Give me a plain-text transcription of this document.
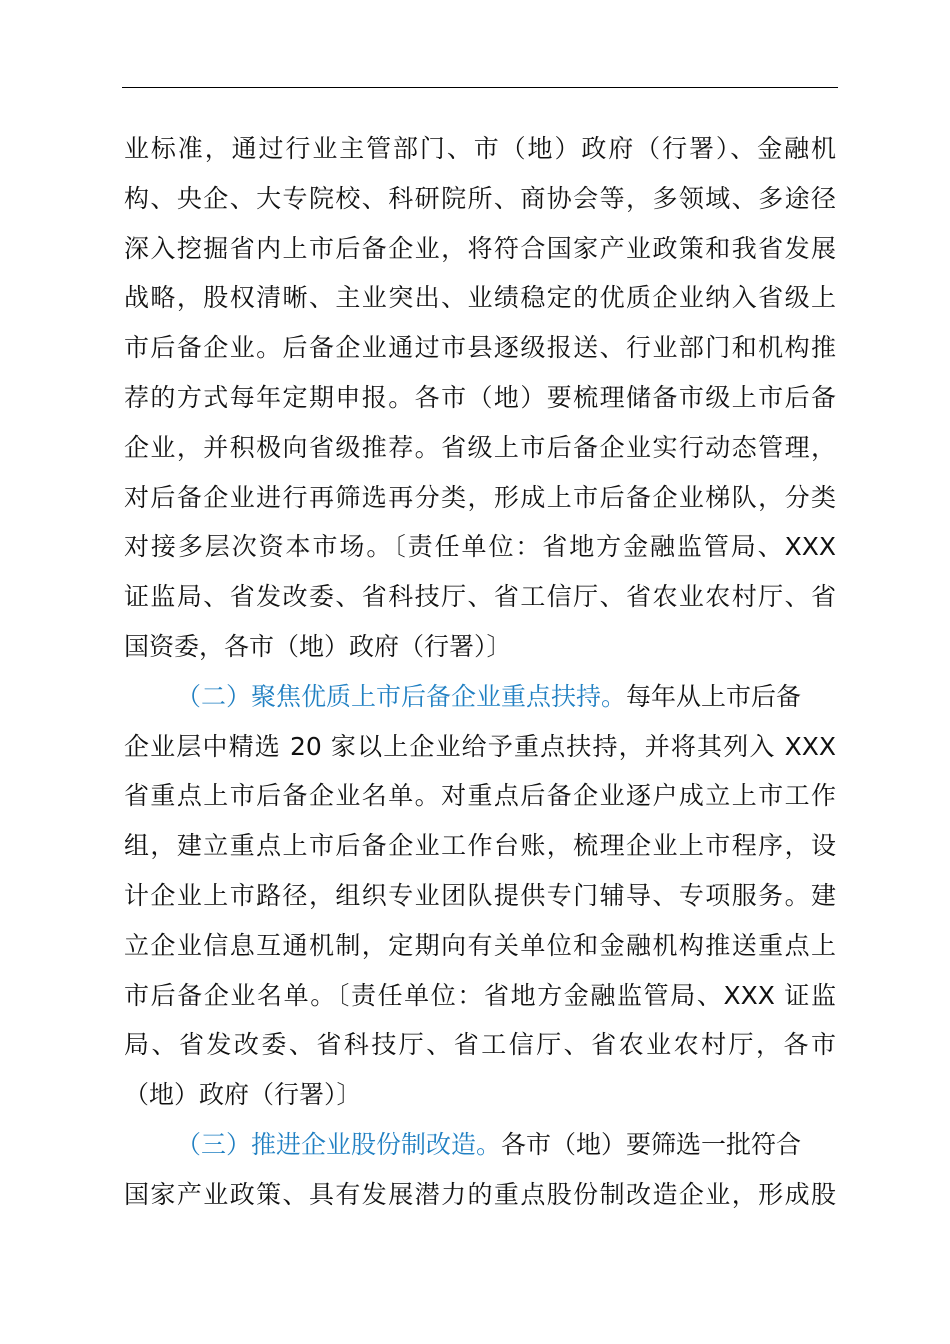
业标准，通过行业主管部门、市（地）政府（行署）、金融机
构、央企、大专院校、科研院所、商协会等，多领域、多途径
深入挖掘省内上市后备企业，将符合国家产业政策和我省发展
战略，股权清晰、主业突出、业绩稳定的优质企业纳入省级上
市后备企业。后备企业通过市县逐级报送、行业部门和机构推
荐的方式每年定期申报。各市（地）要梳理储备市级上市后备
企业，并积极向省级推荐。省级上市后备企业实行动态管理，
对后备企业进行再筛选再分类，形成上市后备企业梯队，分类
对接多层次资本市场。〔责任单位：省地方金融监管局、XXX
证监局、省发改委、省科技厅、省工信厅、省农业农村厅、省
国资委，各市（地）政府（行署）〕
（二）聚焦优质上市后备企业重点扶持。每年从上市后备
企业层中精选 20 家以上企业给予重点扶持，并将其列入 XXX
省重点上市后备企业名单。对重点后备企业逐户成立上市工作
组，建立重点上市后备企业工作台账，梳理企业上市程序，设
计企业上市路径，组织专业团队提供专门辅导、专项服务。建
立企业信息互通机制，定期向有关单位和金融机构推送重点上
市后备企业名单。〔责任单位：省地方金融监管局、XXX 证监
局、省发改委、省科技厅、省工信厅、省农业农村厅，各市
（地）政府（行署）〕
（三）推进企业股份制改造。各市（地）要筛选一批符合
国家产业政策、具有发展潜力的重点股份制改造企业，形成股
